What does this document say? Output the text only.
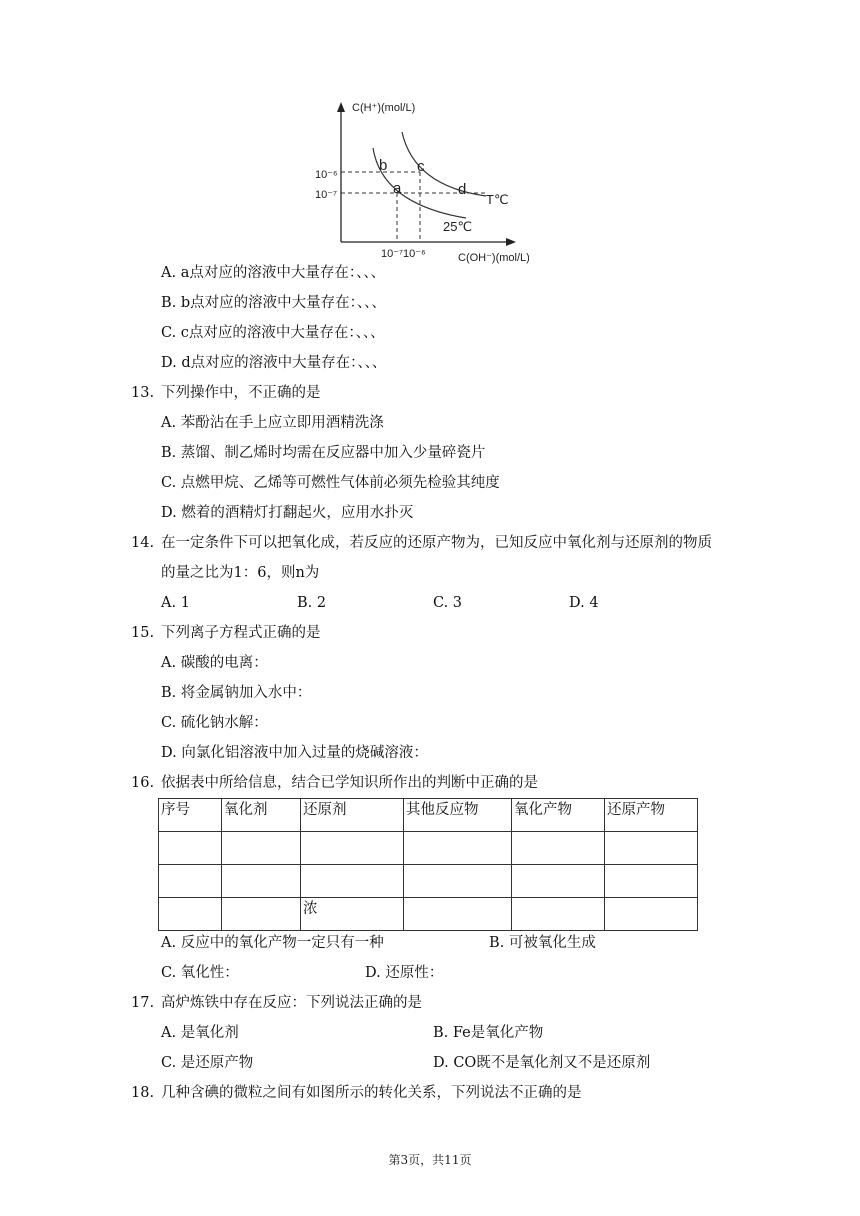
C(H⁺)(mol/L)
C(OH⁻)(mol/L)
10⁻⁶
10⁻⁷
10⁻⁷10⁻⁶
b
a
c
d
T℃
25℃
A. a点对应的溶液中大量存在：、、、
B. b点对应的溶液中大量存在：、、、
C. c点对应的溶液中大量存在：、、、
D. d点对应的溶液中大量存在：、、、
13. 下列操作中，不正确的是
A. 苯酚沾在手上应立即用酒精洗涤
B. 蒸馏、制乙烯时均需在反应器中加入少量碎瓷片
C. 点燃甲烷、乙烯等可燃性气体前必须先检验其纯度
D. 燃着的酒精灯打翻起火，应用水扑灭
14. 在一定条件下可以把氧化成，若反应的还原产物为，已知反应中氧化剂与还原剂的物质
的量之比为1：6，则n为
A. 1	B. 2	C. 3	D. 4
15. 下列离子方程式正确的是
A. 碳酸的电离：
B. 将金属钠加入水中：
C. 硫化钠水解：
D. 向氯化铝溶液中加入过量的烧碱溶液：
16. 依据表中所给信息，结合已学知识所作出的判断中正确的是
序号	氧化剂	还原剂	其他反应物	氧化产物	还原产物

		浓			
A. 反应中的氧化产物一定只有一种	B. 可被氧化生成
C. 氧化性：	D. 还原性：
17. 高炉炼铁中存在反应：下列说法正确的是
A. 是氧化剂	B. Fe是氧化产物
C. 是还原产物	D. CO既不是氧化剂又不是还原剂
18. 几种含碘的微粒之间有如图所示的转化关系，下列说法不正确的是
第3页，共11页
